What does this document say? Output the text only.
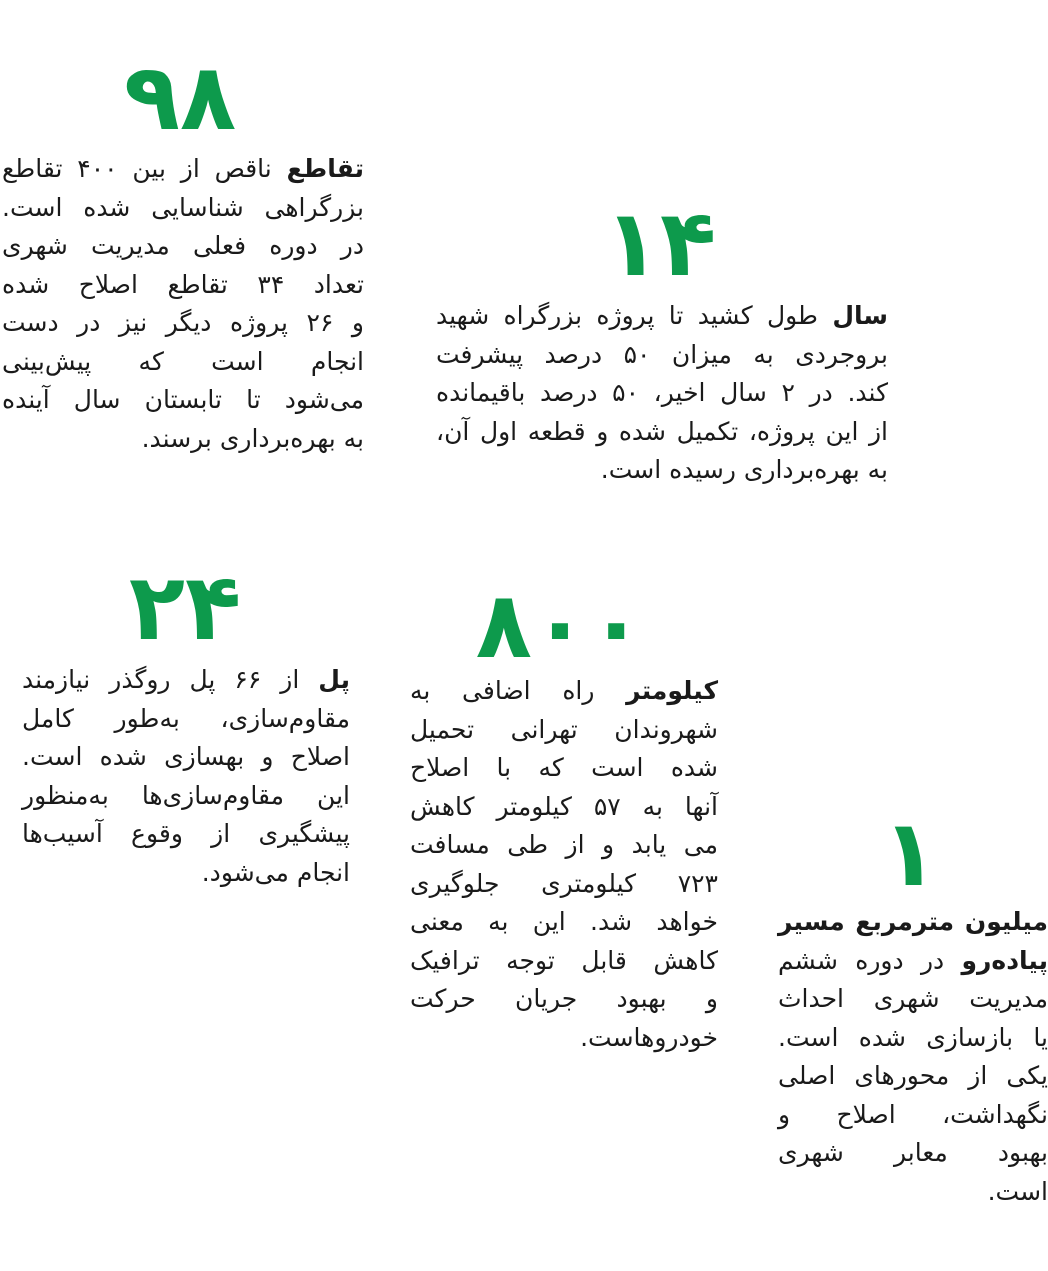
۹۸
تقاطع ناقص از بین ۴۰۰ تقاطع
بزرگراهی شناسایی شده است.
در دوره فعلی مدیریت شهری
تعداد ۳۴ تقاطع اصلاح شده
و ۲۶ پروژه دیگر نیز در دست
انجام است که پیش‌بینی
می‌شود تا تابستان سال آینده
به بهره‌برداری برسند.
۱۴
سال طول کشید تا پروژه بزرگراه شهید
بروجردی به میزان ۵۰ درصد پیشرفت
کند. در ۲ سال اخیر، ۵۰ درصد باقیمانده
از این پروژه، تکمیل شده و قطعه اول آن،
به بهره‌برداری رسیده است.
۲۴
پل از ۶۶ پل روگذر نیازمند
مقاوم‌سازی، به‌طور کامل
اصلاح و بهسازی شده است.
این مقاوم‌سازی‌ها به‌منظور
پیشگیری از وقوع آسیب‌ها
انجام می‌شود.
۸۰۰
کیلومتر راه اضافی به
شهروندان تهرانی تحمیل
شده است که با اصلاح
آنها به ۵۷ کیلومتر کاهش
می یابد و از طی مسافت
۷۲۳ کیلومتری جلوگیری
خواهد شد. این به معنی
کاهش قابل توجه ترافیک
و بهبود جریان حرکت
خودروهاست.
۱
میلیون مترمربع مسیر
پیاده‌رو در دوره ششم
مدیریت شهری احداث
یا بازسازی شده است.
یکی از محورهای اصلی
نگهداشت، اصلاح و
بهبود معابر شهری
است.
